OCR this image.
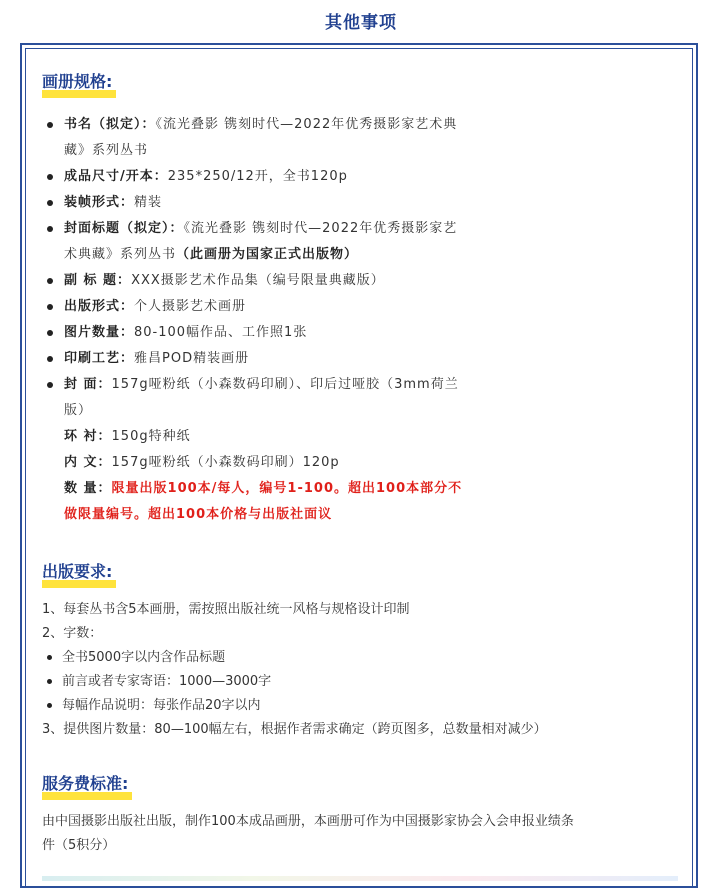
其他事项
画册规格:
书名（拟定）：《流光叠影 镌刻时代—2022年优秀摄影家艺术典
藏》系列丛书
成品尺寸/开本：235*250/12开，全书120p
装帧形式：精装
封面标题（拟定）：《流光叠影 镌刻时代—2022年优秀摄影家艺
术典藏》系列丛书（此画册为国家正式出版物）
副 标 题：XXX摄影艺术作品集（编号限量典藏版）
出版形式：个人摄影艺术画册
图片数量：80-100幅作品、工作照1张
印刷工艺：雅昌POD精装画册
封 面：157g哑粉纸（小森数码印刷）、印后过哑胶（3mm荷兰
版）
环 衬：150g特种纸
内 文：157g哑粉纸（小森数码印刷）120p
数 量：限量出版100本/每人，编号1-100。超出100本部分不
做限量编号。超出100本价格与出版社面议
出版要求:
1、每套丛书含5本画册，需按照出版社统一风格与规格设计印制
2、字数：
全书5000字以内含作品标题
前言或者专家寄语：1000—3000字
每幅作品说明：每张作品20字以内
3、提供图片数量：80—100幅左右，根据作者需求确定（跨页图多，总数量相对减少）
服务费标准:
由中国摄影出版社出版，制作100本成品画册，本画册可作为中国摄影家协会入会申报业绩条
件（5积分）
